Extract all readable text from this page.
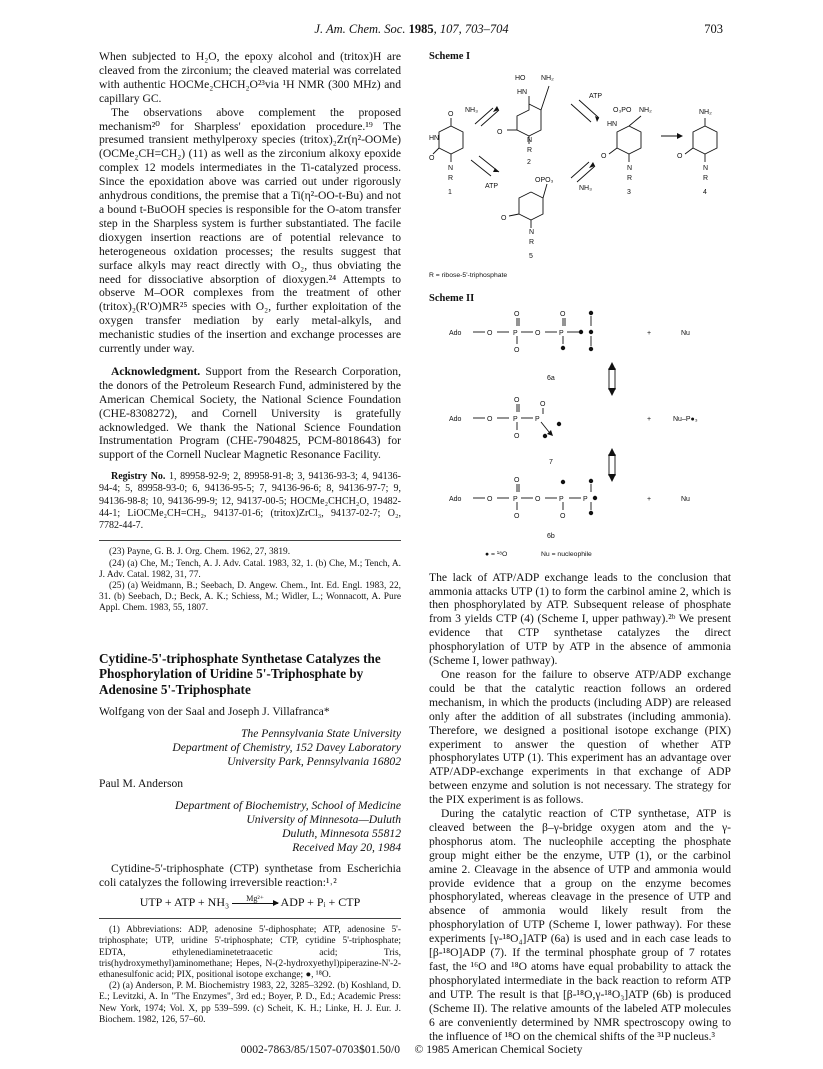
J. Am. Chem. Soc. 1985, 107, 703–704	703

When subjected to H₂O, the epoxy alcohol and (tritox)H are cleaved from the zirconium; the cleaved material was correlated with authentic HOCMe₂CHCH₂O²³via ¹H NMR (300 MHz) and capillary GC.

The observations above complement the proposed mechanism²⁰ for Sharpless' epoxidation procedure.¹⁹ The presumed transient methylperoxy species (tritox)₂Zr(η²-OOMe)(OCMe₂CH=CH₂) (11) as well as the zirconium alkoxy epoxide complex 12 models intermediates in the Ti-catalyzed process. Since the epoxidation above was carried out under rigorously anhydrous conditions, the premise that a Ti(η²-OO-t-Bu) and not a bound t-BuOOH species is responsible for the O-atom transfer step in the Sharpless system is further substantiated. The facile dioxygen insertion reactions are of potential relevance to heterogeneous oxidation processes; the results suggest that surface alkyls may react directly with O₂, thus obviating the need for dissociative absorption of dioxygen.²⁴ Attempts to observe M–OOR complexes from the treatment of other (tritox)₂(R'O)MR²⁵ species with O₂, further exploitation of the oxygen transfer mediation by early metal-alkyls, and mechanistic studies of the insertion and exchange processes are currently under way.

Acknowledgment. Support from the Research Corporation, the donors of the Petroleum Research Fund, administered by the American Chemical Society, the National Science Foundation (CHE-8308272), and Cornell University is gratefully acknowledged. We thank the National Science Foundation Instrumentation Program (CHE-7904825, PCM-8018643) for support of the Cornell Nuclear Magnetic Resonance Facility.

Registry No. 1, 89958-92-9; 2, 89958-91-8; 3, 94136-93-3; 4, 94136-94-4; 5, 89958-93-0; 6, 94136-95-5; 7, 94136-96-6; 8, 94136-97-7; 9, 94136-98-8; 10, 94136-99-9; 12, 94137-00-5; HOCMe₂CHCH₂O, 19482-44-1; LiOCMe₂CH=CH₂, 94137-01-6; (tritox)ZrCl₃, 94137-02-7; O₂, 7782-44-7.

(23) Payne, G. B. J. Org. Chem. 1962, 27, 3819.

(24) (a) Che, M.; Tench, A. J. Adv. Catal. 1983, 32, 1. (b) Che, M.; Tench, A. J. Adv. Catal. 1982, 31, 77.

(25) (a) Weidmann, B.; Seebach, D. Angew. Chem., Int. Ed. Engl. 1983, 22, 31. (b) Seebach, D.; Beck, A. K.; Schiess, M.; Widler, L.; Wonnacott, A. Pure Appl. Chem. 1983, 55, 1807.

Cytidine-5'-triphosphate Synthetase Catalyzes the Phosphorylation of Uridine 5'-Triphosphate by Adenosine 5'-Triphosphate

Wolfgang von der Saal and Joseph J. Villafranca*

The Pennsylvania State University
Department of Chemistry, 152 Davey Laboratory
University Park, Pennsylvania 16802

Paul M. Anderson

Department of Biochemistry, School of Medicine
University of Minnesota—Duluth
Duluth, Minnesota 55812
Received May 20, 1984

Cytidine-5'-triphosphate (CTP) synthetase from Escherichia coli catalyzes the following irreversible reaction:¹˒²

UTP + ATP + NH₃ Mg²⁺ ADP + Pᵢ + CTP

(1) Abbreviations: ADP, adenosine 5'-diphosphate; ATP, adenosine 5'-triphosphate; UTP, uridine 5'-triphosphate; CTP, cytidine 5'-triphosphate; EDTA, ethylenediaminetetraacetic acid; Tris, tris(hydroxymethyl)aminomethane; Hepes, N-(2-hydroxyethyl)piperazine-N'-2-ethanesulfonic acid; PIX, positional isotope exchange; ●, ¹⁸O.

(2) (a) Anderson, P. M. Biochemistry 1983, 22, 3285–3292. (b) Koshland, D. E.; Levitzki, A. In "The Enzymes", 3rd ed.; Boyer, P. D., Ed.; Academic Press: New York, 1974; Vol. X, pp 539–599. (c) Scheit, K. H.; Linke, H. J. Eur. J. Biochem. 1982, 126, 57–60.

Scheme I
HO NH₂
HN
O
N
R
2
O
HN
O
N
R
1
NH₃
ATP
ATP	NH₃
OPO₃
O
N
R
5
O₃PO NH₂
HN
O
N
R
3
NH₂
O
N
R
4
R = ribose-5'-triphosphate
Scheme II
Ado	O	P O	P
O
O
O
+	Nu
6a
Ado	O	P P
O
O
O
+	Nu–P●₃
7
Ado	O	P O	P	P
O
O	O
+	Nu
6b
● = ¹⁸O	Nu = nucleophile

The lack of ATP/ADP exchange leads to the conclusion that ammonia attacks UTP (1) to form the carbinol amine 2, which is then phosphorylated by ATP. Subsequent release of phosphate from 3 yields CTP (4) (Scheme I, upper pathway).²ᵇ We present evidence that CTP synthetase catalyzes the direct phosphorylation of UTP by ATP in the absence of ammonia (Scheme I, lower pathway).

One reason for the failure to observe ATP/ADP exchange could be that the catalytic reaction follows an ordered mechanism, in which the products (including ADP) are released only after the addition of all substrates (including ammonia). Therefore, we designed a positional isotope exchange (PIX) experiment to answer the question of whether ATP phosphorylates UTP (1). This experiment has an advantage over ATP/ADP-exchange experiments in that exchange of ADP between enzyme and solution is not necessary. The strategy for the PIX experiment is as follows.

During the catalytic reaction of CTP synthetase, ATP is cleaved between the β–γ-bridge oxygen atom and the γ-phosphorus atom. The nucleophile accepting the phosphate group might either be the enzyme, UTP (1), or the carbinol amine 2. Cleavage in the absence of UTP and ammonia would provide evidence that a group on the enzyme becomes phosphorylated, whereas cleavage in the presence of UTP and absence of ammonia would likely result from the phosphorylation of UTP (Scheme I, lower pathway). For these experiments [γ-¹⁸O₄]ATP (6a) is used and in each case leads to [β-¹⁸O]ADP (7). If the terminal phosphate group of 7 rotates fast, the ¹⁶O and ¹⁸O atoms have equal probability to attack the phosphorylated intermediate in the back reaction to reform ATP and UTP. The result is that [β-¹⁸O,γ-¹⁸O₃]ATP (6b) is produced (Scheme II). The relative amounts of the labeled ATP molecules 6 are conveniently determined by NMR spectroscopy owing to the influence of ¹⁸O on the chemical shifts of the ³¹P nucleus.³

0002-7863/85/1507-0703$01.50/0 © 1985 American Chemical Society
